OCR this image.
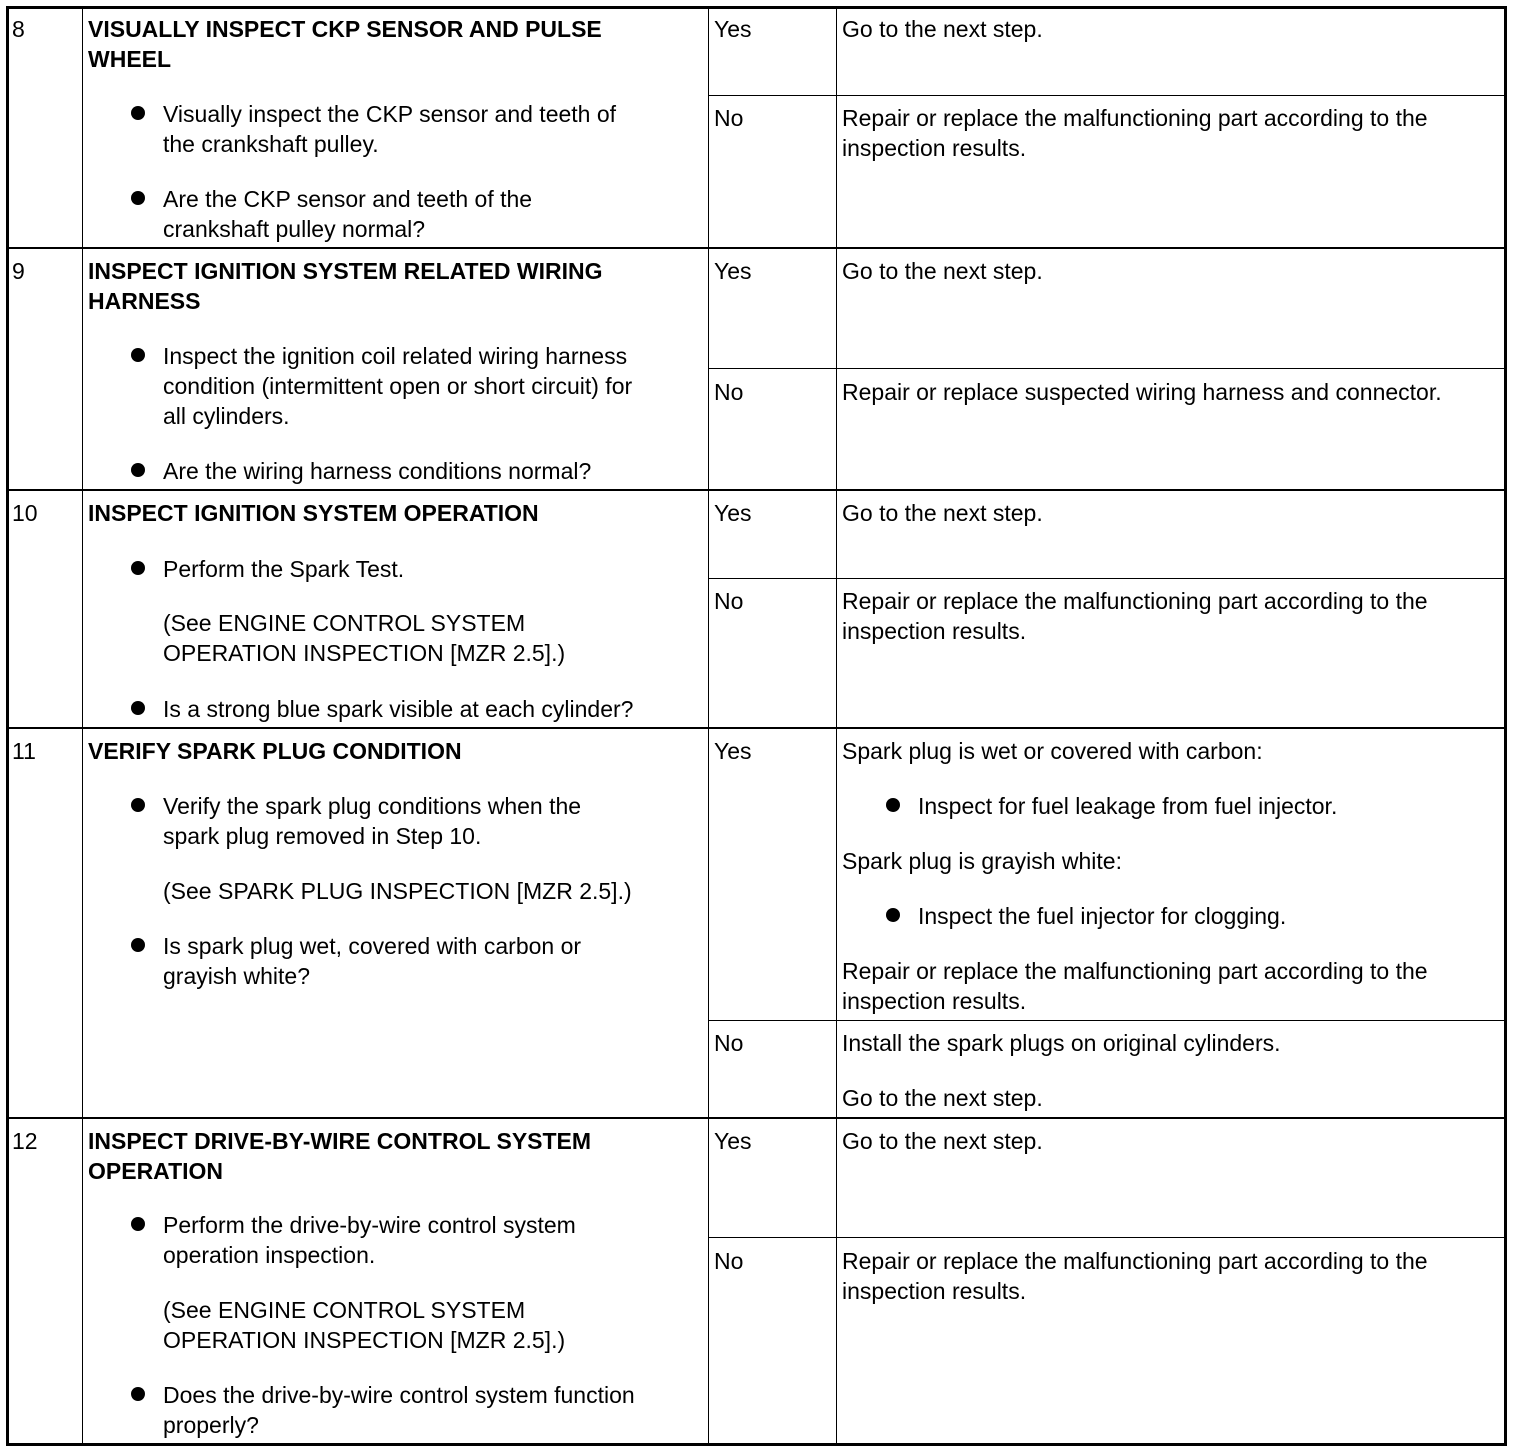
8	VISUALLY INSPECT CKP SENSOR AND PULSE
WHEEL
Visually inspect the CKP sensor and teeth of
the crankshaft pulley.
Are the CKP sensor and teeth of the
crankshaft pulley normal?
Yes	Go to the next step.
No	Repair or replace the malfunctioning part according to the
inspection results.
9	INSPECT IGNITION SYSTEM RELATED WIRING
HARNESS
Inspect the ignition coil related wiring harness
condition (intermittent open or short circuit) for
all cylinders.
Are the wiring harness conditions normal?
Yes	Go to the next step.
No	Repair or replace suspected wiring harness and connector.
10 INSPECT IGNITION SYSTEM OPERATION
Perform the Spark Test.
(See ENGINE CONTROL SYSTEM
OPERATION INSPECTION [MZR 2.5].)
Is a strong blue spark visible at each cylinder?
Yes	Go to the next step.
No	Repair or replace the malfunctioning part according to the
inspection results.
11 VERIFY SPARK PLUG CONDITION
Verify the spark plug conditions when the
spark plug removed in Step 10.
(See SPARK PLUG INSPECTION [MZR 2.5].)
Is spark plug wet, covered with carbon or
grayish white?
Yes	Spark plug is wet or covered with carbon:
Inspect for fuel leakage from fuel injector.
Spark plug is grayish white:
Inspect the fuel injector for clogging.
Repair or replace the malfunctioning part according to the
inspection results.
No	Install the spark plugs on original cylinders.
Go to the next step.
12 INSPECT DRIVE-BY-WIRE CONTROL SYSTEM
OPERATION
Perform the drive-by-wire control system
operation inspection.
(See ENGINE CONTROL SYSTEM
OPERATION INSPECTION [MZR 2.5].)
Does the drive-by-wire control system function
properly?
Yes	Go to the next step.
No	Repair or replace the malfunctioning part according to the
inspection results.
